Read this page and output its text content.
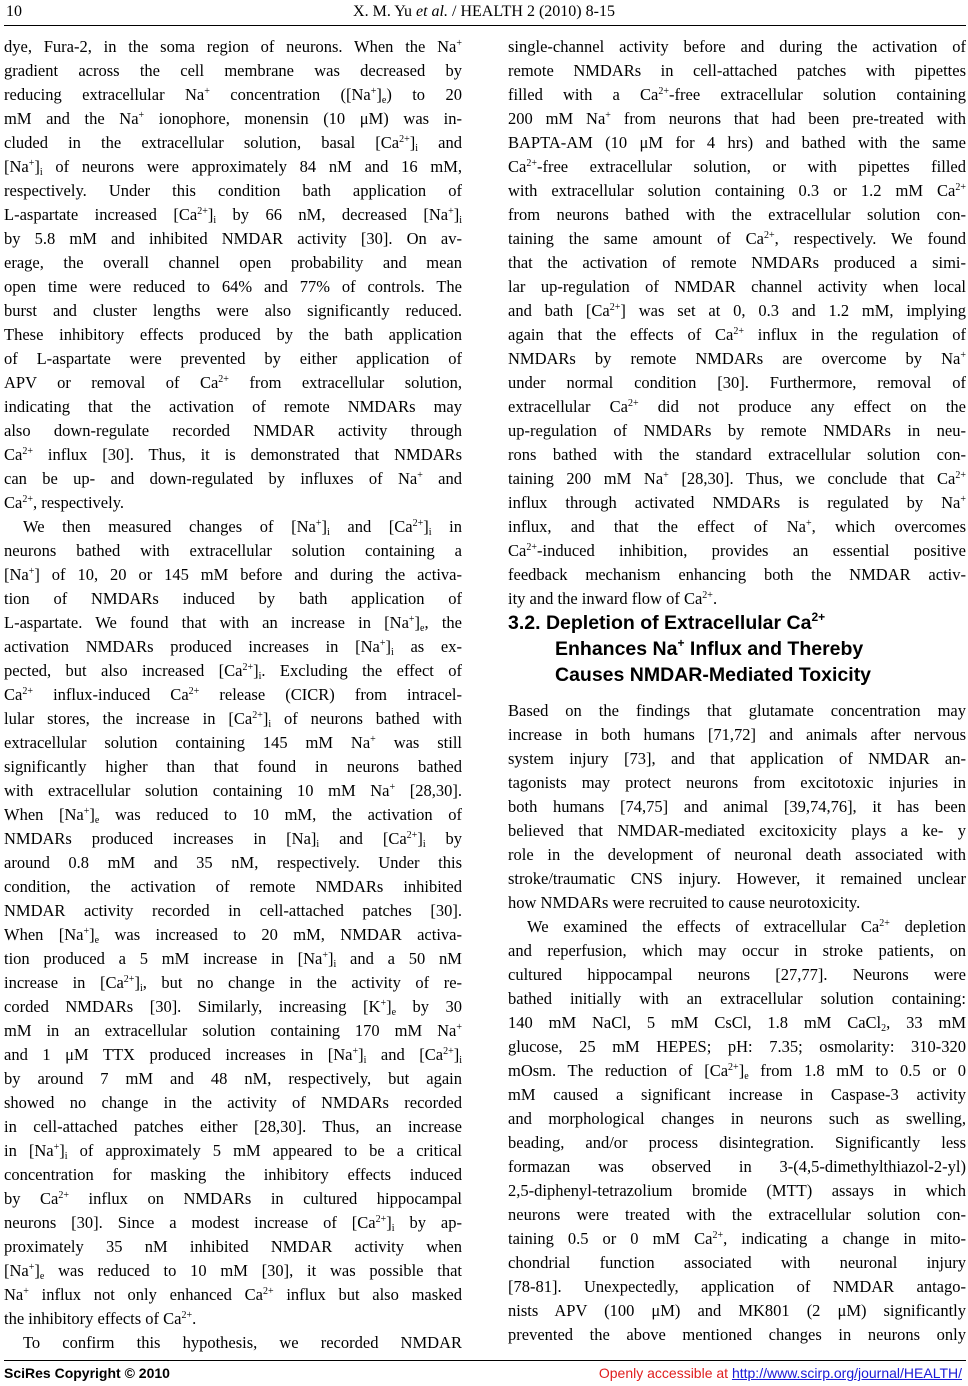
10	X. M. Yu et al. / HEALTH 2 (2010) 8-15
dye, Fura-2, in the soma region of neurons. When the Na+
gradient across the cell membrane was decreased by
reducing extracellular Na+ concentration $([Na^+]_e)$ to 20
mM and the Na+ ionophore, monensin (10 μM) was in-
cluded in the extracellular solution, basal $[Ca^{2+}]_i$ and
$[Na^+]_i$ of neurons were approximately 84 nM and 16 mM,
respectively. Under this condition bath application of
L-aspartate increased $[Ca^{2+}]_i$ by 66 nM, decreased $[Na^+]_i$
by 5.8 mM and inhibited NMDAR activity [30]. On av-
erage, the overall channel open probability and mean
open time were reduced to 64% and 77% of controls. The
burst and cluster lengths were also significantly reduced.
These inhibitory effects produced by the bath application
of L-aspartate were prevented by either application of
APV or removal of $Ca^{2+}$ from extracellular solution,
indicating that the activation of remote NMDARs may
also down-regulate recorded NMDAR activity through
$Ca^{2+}$ influx [30]. Thus, it is demonstrated that NMDARs
can be up- and down-regulated by influxes of Na+ and
$Ca^{2+}$, respectively.
We then measured changes of $[Na^+]_i$ and $[Ca^{2+}]_i$ in
neurons bathed with extracellular solution containing a
[Na+] of 10, 20 or 145 mM before and during the activa-
tion of NMDARs induced by bath application of
L-aspartate. We found that with an increase in $[Na^+]_e$, the
activation NMDARs produced increases in $[Na^+]_i$ as ex-
pected, but also increased $[Ca^{2+}]_i$. Excluding the effect of
$Ca^{2+}$ influx-induced $Ca^{2+}$ release (CICR) from intracel-
lular stores, the increase in $[Ca^{2+}]_i$ of neurons bathed with
extracellular solution containing 145 mM Na+ was still
significantly higher than that found in neurons bathed
with extracellular solution containing 10 mM Na+ [28,30].
When $[Na^+]_e$ was reduced to 10 mM, the activation of
NMDARs produced increases in $[Na]_i$ and $[Ca^{2+}]_i$ by
around 0.8 mM and 35 nM, respectively. Under this
condition, the activation of remote NMDARs inhibited
NMDAR activity recorded in cell-attached patches [30].
When $[Na^+]_e$ was increased to 20 mM, NMDAR activa-
tion produced a 5 mM increase in $[Na^+]_i$ and a 50 nM
increase in $[Ca^{2+}]_i$, but no change in the activity of re-
corded NMDARs [30]. Similarly, increasing $[K^+]_e$ by 30
mM in an extracellular solution containing 170 mM Na+
and 1 μM TTX produced increases in $[Na^+]_i$ and $[Ca^{2+}]_i$
by around 7 mM and 48 nM, respectively, but again
showed no change in the activity of NMDARs recorded
in cell-attached patches either [28,30]. Thus, an increase
in $[Na^+]_i$ of approximately 5 mM appeared to be a critical
concentration for masking the inhibitory effects induced
by $Ca^{2+}$ influx on NMDARs in cultured hippocampal
neurons [30]. Since a modest increase of $[Ca^{2+}]_i$ by ap-
proximately 35 nM inhibited NMDAR activity when
$[Na^+]_e$ was reduced to 10 mM [30], it was possible that
Na+ influx not only enhanced $Ca^{2+}$ influx but also masked
the inhibitory effects of $Ca^{2+}$.
To confirm this hypothesis, we recorded NMDAR
single-channel activity before and during the activation of
remote NMDARs in cell-attached patches with pipettes
filled with a $Ca^{2+}$-free extracellular solution containing
200 mM Na+ from neurons that had been pre-treated with
BAPTA-AM (10 μM for 4 hrs) and bathed with the same
$Ca^{2+}$-free extracellular solution, or with pipettes filled
with extracellular solution containing 0.3 or 1.2 mM $Ca^{2+}$
from neurons bathed with the extracellular solution con-
taining the same amount of $Ca^{2+}$, respectively. We found
that the activation of remote NMDARs produced a simi-
lar up-regulation of NMDAR channel activity when local
and bath $[Ca^{2+}]$ was set at 0, 0.3 and 1.2 mM, implying
again that the effects of $Ca^{2+}$ influx in the regulation of
NMDARs by remote NMDARs are overcome by Na+
under normal condition [30]. Furthermore, removal of
extracellular $Ca^{2+}$ did not produce any effect on the
up-regulation of NMDARs by remote NMDARs in neu-
rons bathed with the standard extracellular solution con-
taining 200 mM Na+ [28,30]. Thus, we conclude that $Ca^{2+}$
influx through activated NMDARs is regulated by Na+
influx, and that the effect of Na+, which overcomes
$Ca^{2+}$-induced inhibition, provides an essential positive
feedback mechanism enhancing both the NMDAR activ-
ity and the inward flow of $Ca^{2+}$.
3.2. Depletion of Extracellular $Ca^{2+}$
Enhances Na+ Influx and Thereby
Causes NMDAR-Mediated Toxicity
Based on the findings that glutamate concentration may
increase in both humans [71,72] and animals after nervous
system injury [73], and that application of NMDAR an-
tagonists may protect neurons from excitotoxic injuries in
both humans [74,75] and animal [39,74,76], it has been
believed that NMDAR-mediated excitoxicity plays a ke- y
role in the development of neuronal death associated with
stroke/traumatic CNS injury. However, it remained unclear
how NMDARs were recruited to cause neurotoxicity.
We examined the effects of extracellular $Ca^{2+}$ depletion
and reperfusion, which may occur in stroke patients, on
cultured hippocampal neurons [27,77]. Neurons were
bathed initially with an extracellular solution containing:
140 mM NaCl, 5 mM CsCl, 1.8 mM CaCl$_2$, 33 mM
glucose, 25 mM HEPES; pH: 7.35; osmolarity: 310-320
mOsm. The reduction of $[Ca^{2+}]_e$ from 1.8 mM to 0.5 or 0
mM caused a significant increase in Caspase-3 activity
and morphological changes in neurons such as swelling,
beading, and/or process disintegration. Significantly less
formazan was observed in 3-(4,5-dimethylthiazol-2-yl)
2,5-diphenyl-tetrazolium bromide (MTT) assays in which
neurons were treated with the extracellular solution con-
taining 0.5 or 0 mM $Ca^{2+}$, indicating a change in mito-
chondrial function associated with neuronal injury
[78-81]. Unexpectedly, application of NMDAR antago-
nists APV (100 μM) and MK801 (2 μM) significantly
prevented the above mentioned changes in neurons only
SciRes Copyright © 2010	Openly accessible at http://www.scirp.org/journal/HEALTH/
